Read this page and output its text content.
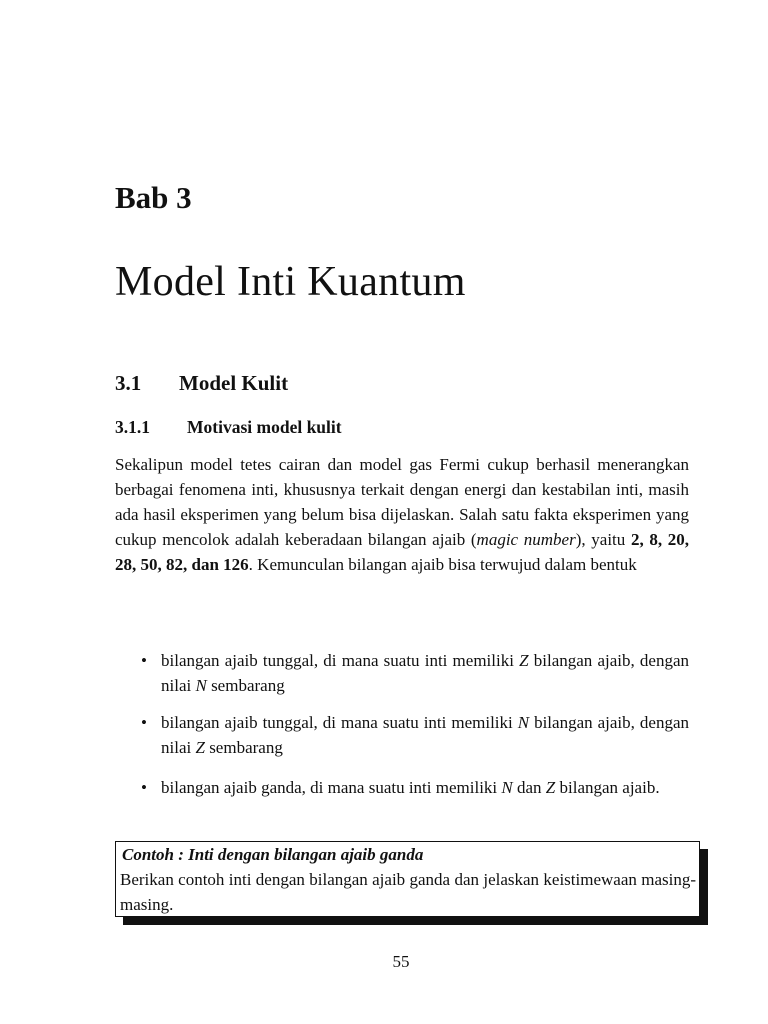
Bab 3
Model Inti Kuantum
3.1 Model Kulit
3.1.1 Motivasi model kulit

Sekalipun model tetes cairan dan model gas Fermi cukup berhasil menerangkan berbagai fenomena inti, khususnya terkait dengan energi dan kestabilan inti, masih ada hasil eksperimen yang belum bisa dijelaskan. Salah satu fakta eksperimen yang cukup mencolok adalah keberadaan bilangan ajaib (magic number), yaitu 2, 8, 20, 28, 50, 82, dan 126. Kemunculan bilangan ajaib bisa terwujud dalam bentuk

• bilangan ajaib tunggal, di mana suatu inti memiliki Z bilangan ajaib, dengan nilai N sembarang
• bilangan ajaib tunggal, di mana suatu inti memiliki N bilangan ajaib, dengan nilai Z sembarang
• bilangan ajaib ganda, di mana suatu inti memiliki N dan Z bilangan ajaib.

Contoh : Inti dengan bilangan ajaib ganda

Berikan contoh inti dengan bilangan ajaib ganda dan jelaskan keistimewaan masing-masing.

55
